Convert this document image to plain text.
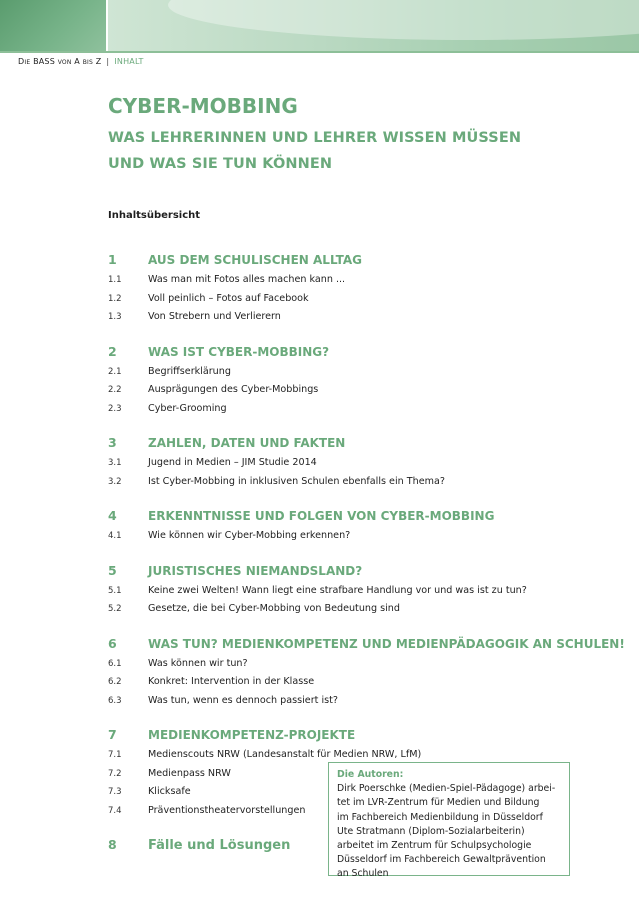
Die BASS von A bis Z | INHALT
CYBER-MOBBING
WAS LEHRERINNEN UND LEHRER WISSEN MÜSSEN
UND WAS SIE TUN KÖNNEN
Inhaltsübersicht
1	AUS DEM SCHULISCHEN ALLTAG
1.1	Was man mit Fotos alles machen kann ...
1.2	Voll peinlich – Fotos auf Facebook
1.3	Von Strebern und Verlierern
2	WAS IST CYBER-MOBBING?
2.1	Begriffserklärung
2.2	Ausprägungen des Cyber-Mobbings
2.3	Cyber-Grooming
3	ZAHLEN, DATEN UND FAKTEN
3.1	Jugend in Medien – JIM Studie 2014
3.2	Ist Cyber-Mobbing in inklusiven Schulen ebenfalls ein Thema?
4	ERKENNTNISSE UND FOLGEN VON CYBER-MOBBING
4.1	Wie können wir Cyber-Mobbing erkennen?
5	JURISTISCHES NIEMANDSLAND?
5.1	Keine zwei Welten! Wann liegt eine strafbare Handlung vor und was ist zu tun?
5.2	Gesetze, die bei Cyber-Mobbing von Bedeutung sind
6	WAS TUN? MEDIENKOMPETENZ UND MEDIENPÄDAGOGIK AN SCHULEN!
6.1	Was können wir tun?
6.2	Konkret: Intervention in der Klasse
6.3	Was tun, wenn es dennoch passiert ist?
7	MEDIENKOMPETENZ-PROJEKTE
7.1	Medienscouts NRW (Landesanstalt für Medien NRW, LfM)
7.2	Medienpass NRW
7.3	Klicksafe
7.4	Präventionstheatervorstellungen
8	Fälle und Lösungen
Die Autoren:
Dirk Poerschke (Medien-Spiel-Pädagoge) arbei-
tet im LVR-Zentrum für Medien und Bildung
im Fachbereich Medienbildung in Düsseldorf
Ute Stratmann (Diplom-Sozialarbeiterin)
arbeitet im Zentrum für Schulpsychologie
Düsseldorf im Fachbereich Gewaltprävention
an Schulen
